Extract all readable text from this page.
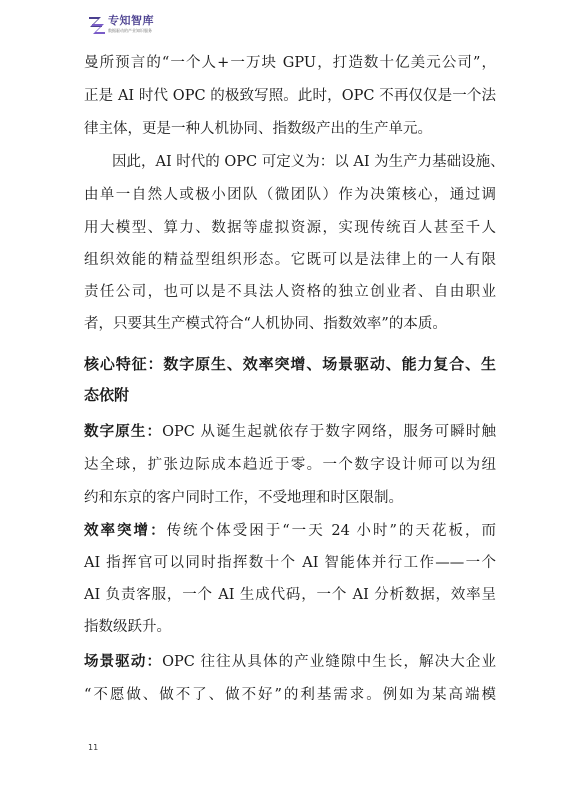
专知智库
数据驱动的产业知识服务
曼所预言的“一个人+一万块 GPU，打造数十亿美元公司”，
正是 AI 时代 OPC 的极致写照。此时，OPC 不再仅仅是一个法
律主体，更是一种人机协同、指数级产出的生产单元。
因此，AI 时代的 OPC 可定义为：以 AI 为生产力基础设施、
由单一自然人或极小团队（微团队）作为决策核心，通过调
用大模型、算力、数据等虚拟资源，实现传统百人甚至千人
组织效能的精益型组织形态。它既可以是法律上的一人有限
责任公司，也可以是不具法人资格的独立创业者、自由职业
者，只要其生产模式符合“人机协同、指数效率”的本质。
核心特征：数字原生、效率突增、场景驱动、能力复合、生
态依附
数字原生：OPC 从诞生起就依存于数字网络，服务可瞬时触
达全球，扩张边际成本趋近于零。一个数字设计师可以为纽
约和东京的客户同时工作，不受地理和时区限制。
效率突增：传统个体受困于“一天 24 小时”的天花板，而
AI 指挥官可以同时指挥数十个 AI 智能体并行工作——一个
AI 负责客服，一个 AI 生成代码，一个 AI 分析数据，效率呈
指数级跃升。
场景驱动：OPC 往往从具体的产业缝隙中生长，解决大企业
“不愿做、做不了、做不好”的利基需求。例如为某高端模
11
